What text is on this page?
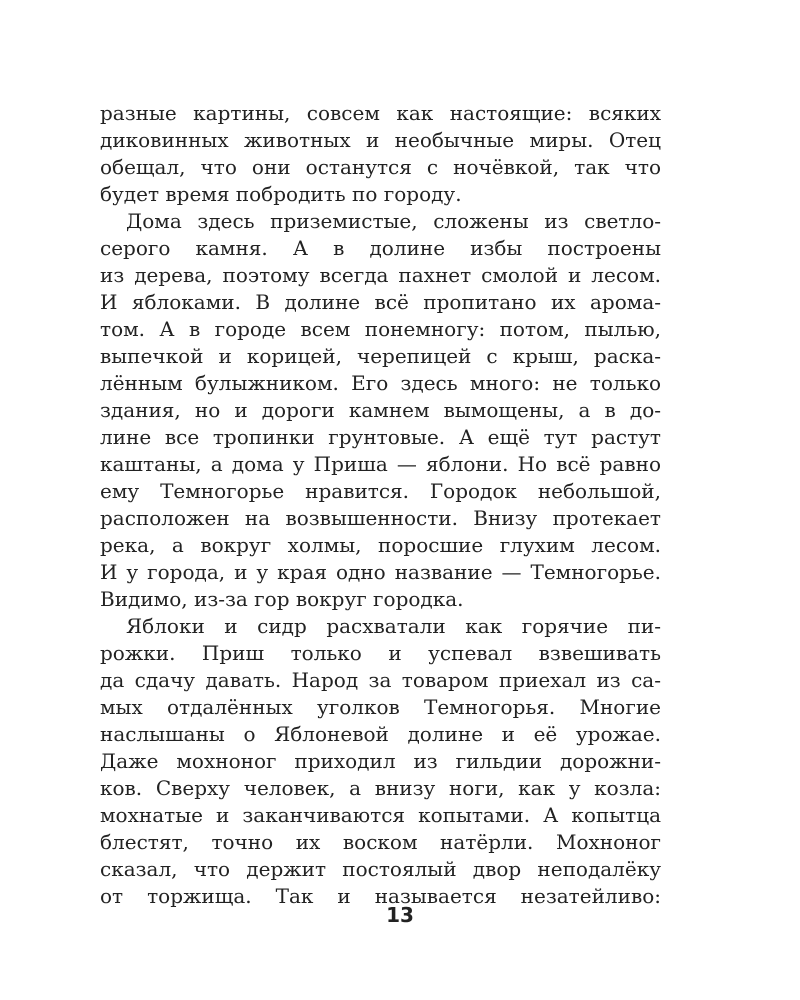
разные картины, совсем как настоящие: всяких
диковинных животных и необычные миры. Отец
обещал, что они останутся с ночёвкой, так что
будет время побродить по городу.
Дома здесь приземистые, сложены из светло-
серого камня. А в долине избы построены
из дерева, поэтому всегда пахнет смолой и лесом.
И яблоками. В долине всё пропитано их арома-
том. А в городе всем понемногу: потом, пылью,
выпечкой и корицей, черепицей с крыш, раска-
лённым булыжником. Его здесь много: не только
здания, но и дороги камнем вымощены, а в до-
лине все тропинки грунтовые. А ещё тут растут
каштаны, а дома у Приша — яблони. Но всё равно
ему Темногорье нравится. Городок небольшой,
расположен на возвышенности. Внизу протекает
река, а вокруг холмы, поросшие глухим лесом.
И у города, и у края одно название — Темногорье.
Видимо, из-за гор вокруг городка.
Яблоки и сидр расхватали как горячие пи-
рожки. Приш только и успевал взвешивать
да сдачу давать. Народ за товаром приехал из са-
мых отдалённых уголков Темногорья. Многие
наслышаны о Яблоневой долине и её урожае.
Даже мохноног приходил из гильдии дорожни-
ков. Сверху человек, а внизу ноги, как у козла:
мохнатые и заканчиваются копытами. А копытца
блестят, точно их воском натёрли. Мохноног
сказал, что держит постоялый двор неподалёку
от торжища. Так и называется незатейливо:
13
